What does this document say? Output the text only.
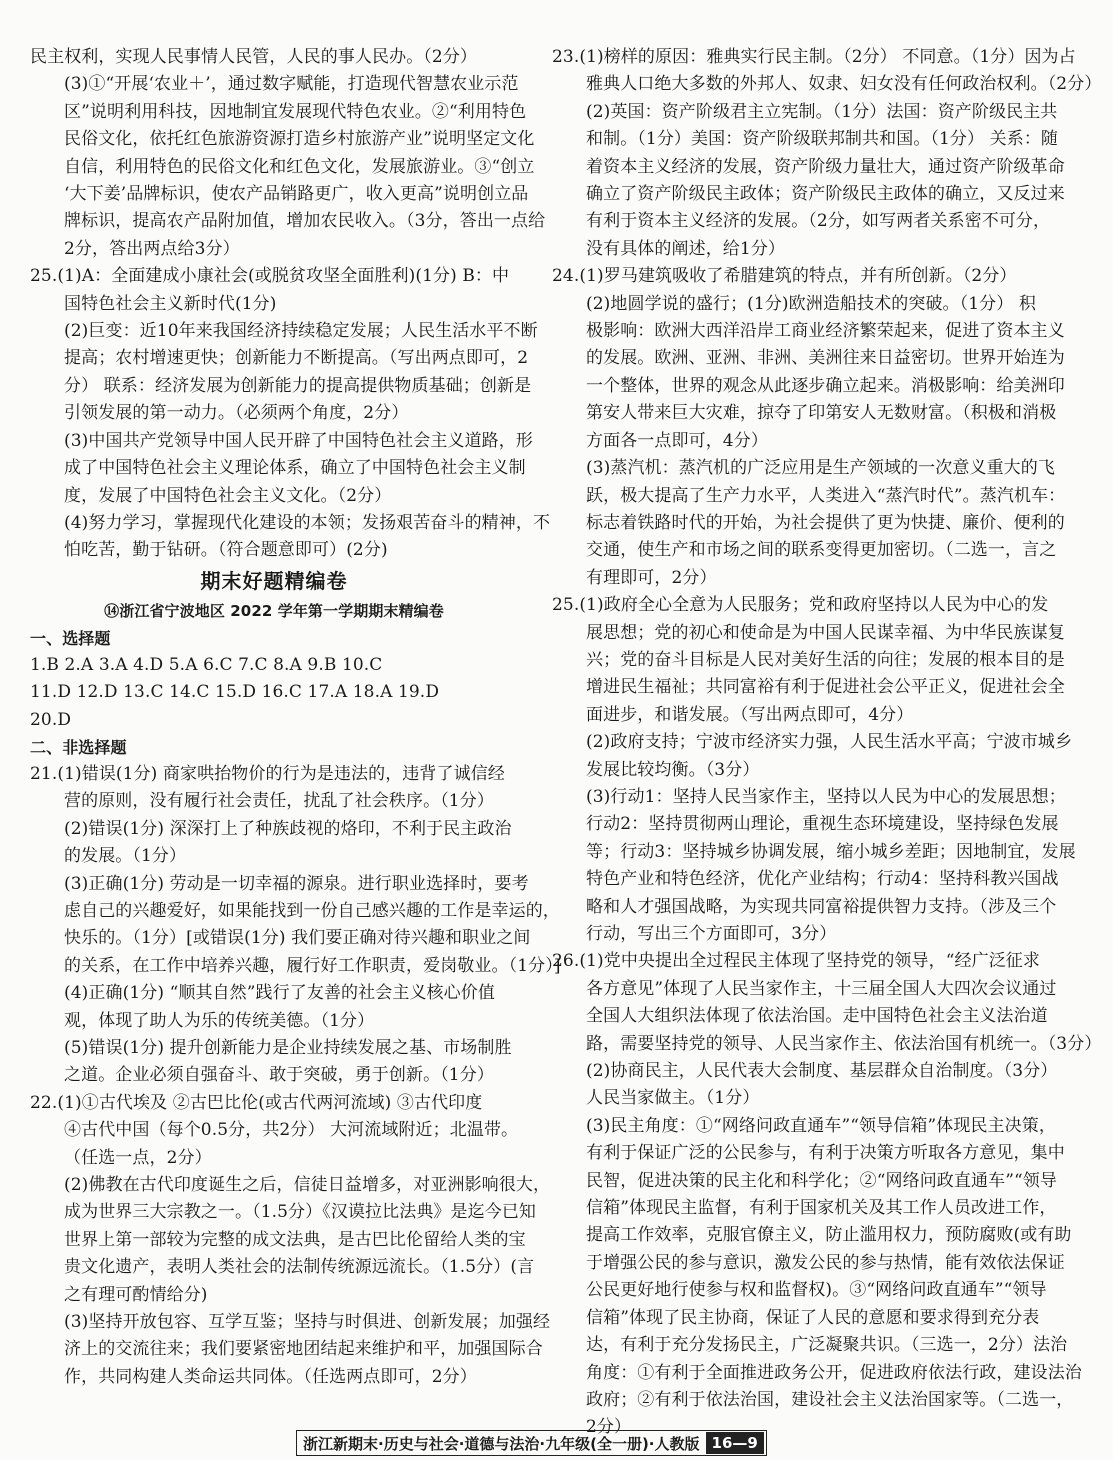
民主权利，实现人民事情人民管，人民的事人民办。（2分）
(3)①“开展‘农业＋’，通过数字赋能，打造现代智慧农业示范
区”说明利用科技，因地制宜发展现代特色农业。②“利用特色
民俗文化，依托红色旅游资源打造乡村旅游产业”说明坚定文化
自信，利用特色的民俗文化和红色文化，发展旅游业。③“创立
‘大下姜’品牌标识，使农产品销路更广，收入更高”说明创立品
牌标识，提高农产品附加值，增加农民收入。（3分，答出一点给
2分，答出两点给3分）
25.(1)A：全面建成小康社会(或脱贫攻坚全面胜利)(1分) B：中
国特色社会主义新时代(1分)
(2)巨变：近10年来我国经济持续稳定发展；人民生活水平不断
提高；农村增速更快；创新能力不断提高。（写出两点即可，2
分） 联系：经济发展为创新能力的提高提供物质基础；创新是
引领发展的第一动力。（必须两个角度，2分）
(3)中国共产党领导中国人民开辟了中国特色社会主义道路，形
成了中国特色社会主义理论体系，确立了中国特色社会主义制
度，发展了中国特色社会主义文化。（2分）
(4)努力学习，掌握现代化建设的本领；发扬艰苦奋斗的精神，不
怕吃苦，勤于钻研。（符合题意即可）(2分)
期末好题精编卷
⑭浙江省宁波地区 2022 学年第一学期期末精编卷
一、选择题
1.B 2.A 3.A 4.D 5.A 6.C 7.C 8.A 9.B 10.C
11.D 12.D 13.C 14.C 15.D 16.C 17.A 18.A 19.D
20.D
二、非选择题
21.(1)错误(1分) 商家哄抬物价的行为是违法的，违背了诚信经
营的原则，没有履行社会责任，扰乱了社会秩序。（1分）
(2)错误(1分) 深深打上了种族歧视的烙印，不利于民主政治
的发展。（1分）
(3)正确(1分) 劳动是一切幸福的源泉。进行职业选择时，要考
虑自己的兴趣爱好，如果能找到一份自己感兴趣的工作是幸运的，
快乐的。（1分）[或错误(1分) 我们要正确对待兴趣和职业之间
的关系，在工作中培养兴趣，履行好工作职责，爱岗敬业。（1分）]
(4)正确(1分) “顺其自然”践行了友善的社会主义核心价值
观，体现了助人为乐的传统美德。（1分）
(5)错误(1分) 提升创新能力是企业持续发展之基、市场制胜
之道。企业必须自强奋斗、敢于突破，勇于创新。（1分）
22.(1)①古代埃及 ②古巴比伦(或古代两河流域) ③古代印度
④古代中国（每个0.5分，共2分） 大河流域附近；北温带。
（任选一点，2分）
(2)佛教在古代印度诞生之后，信徒日益增多，对亚洲影响很大，
成为世界三大宗教之一。（1.5分）《汉谟拉比法典》是迄今已知
世界上第一部较为完整的成文法典，是古巴比伦留给人类的宝
贵文化遗产，表明人类社会的法制传统源远流长。（1.5分）(言
之有理可酌情给分)
(3)坚持开放包容、互学互鉴；坚持与时俱进、创新发展；加强经
济上的交流往来；我们要紧密地团结起来维护和平，加强国际合
作，共同构建人类命运共同体。（任选两点即可，2分）
23.(1)榜样的原因：雅典实行民主制。（2分） 不同意。（1分）因为占
雅典人口绝大多数的外邦人、奴隶、妇女没有任何政治权利。（2分）
(2)英国：资产阶级君主立宪制。（1分）法国：资产阶级民主共
和制。（1分）美国：资产阶级联邦制共和国。（1分） 关系：随
着资本主义经济的发展，资产阶级力量壮大，通过资产阶级革命
确立了资产阶级民主政体；资产阶级民主政体的确立，又反过来
有利于资本主义经济的发展。（2分，如写两者关系密不可分，
没有具体的阐述，给1分）
24.(1)罗马建筑吸收了希腊建筑的特点，并有所创新。（2分）
(2)地圆学说的盛行；(1分)欧洲造船技术的突破。（1分） 积
极影响：欧洲大西洋沿岸工商业经济繁荣起来，促进了资本主义
的发展。欧洲、亚洲、非洲、美洲往来日益密切。世界开始连为
一个整体，世界的观念从此逐步确立起来。消极影响：给美洲印
第安人带来巨大灾难，掠夺了印第安人无数财富。（积极和消极
方面各一点即可，4分）
(3)蒸汽机：蒸汽机的广泛应用是生产领域的一次意义重大的飞
跃，极大提高了生产力水平，人类进入“蒸汽时代”。蒸汽机车：
标志着铁路时代的开始，为社会提供了更为快捷、廉价、便利的
交通，使生产和市场之间的联系变得更加密切。（二选一，言之
有理即可，2分）
25.(1)政府全心全意为人民服务；党和政府坚持以人民为中心的发
展思想；党的初心和使命是为中国人民谋幸福、为中华民族谋复
兴；党的奋斗目标是人民对美好生活的向往；发展的根本目的是
增进民生福祉；共同富裕有利于促进社会公平正义，促进社会全
面进步，和谐发展。（写出两点即可，4分）
(2)政府支持；宁波市经济实力强，人民生活水平高；宁波市城乡
发展比较均衡。（3分）
(3)行动1：坚持人民当家作主，坚持以人民为中心的发展思想；
行动2：坚持贯彻两山理论，重视生态环境建设，坚持绿色发展
等；行动3：坚持城乡协调发展，缩小城乡差距；因地制宜，发展
特色产业和特色经济，优化产业结构；行动4：坚持科教兴国战
略和人才强国战略，为实现共同富裕提供智力支持。（涉及三个
行动，写出三个方面即可，3分）
26.(1)党中央提出全过程民主体现了坚持党的领导，“经广泛征求
各方意见”体现了人民当家作主，十三届全国人大四次会议通过
全国人大组织法体现了依法治国。走中国特色社会主义法治道
路，需要坚持党的领导、人民当家作主、依法治国有机统一。（3分）
(2)协商民主，人民代表大会制度、基层群众自治制度。（3分）
人民当家做主。（1分）
(3)民主角度：①“网络问政直通车”“领导信箱”体现民主决策，
有利于保证广泛的公民参与，有利于决策方听取各方意见，集中
民智，促进决策的民主化和科学化；②“网络问政直通车”“领导
信箱”体现民主监督，有利于国家机关及其工作人员改进工作，
提高工作效率，克服官僚主义，防止滥用权力，预防腐败(或有助
于增强公民的参与意识，激发公民的参与热情，能有效依法保证
公民更好地行使参与权和监督权)。③“网络问政直通车”“领导
信箱”体现了民主协商，保证了人民的意愿和要求得到充分表
达，有利于充分发扬民主，广泛凝聚共识。（三选一，2分）法治
角度：①有利于全面推进政务公开，促进政府依法行政，建设法治
政府；②有利于依法治国，建设社会主义法治国家等。（二选一，
2分）
浙江新期末·历史与社会·道德与法治·九年级(全一册)·人教版 16—9
